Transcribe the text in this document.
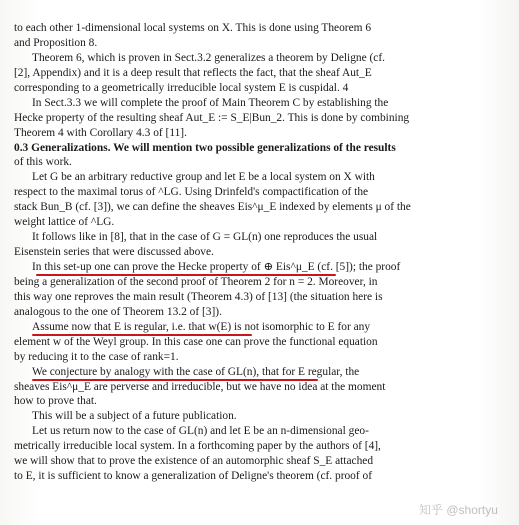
to each other 1-dimensional local systems on X. This is done using Theorem 6
and Proposition 8.
Theorem 6, which is proven in Sect.3.2 generalizes a theorem by Deligne (cf.
[2], Appendix) and it is a deep result that reflects the fact, that the sheaf Aut_E
corresponding to a geometrically irreducible local system E is cuspidal. 4
In Sect.3.3 we will complete the proof of Main Theorem C by establishing the
Hecke property of the resulting sheaf Aut_E := S_E|Bun_2. This is done by combining
Theorem 4 with Corollary 4.3 of [11].
0.3 Generalizations. We will mention two possible generalizations of the results
of this work.
Let G be an arbitrary reductive group and let E be a local system on X with
respect to the maximal torus of ^LG. Using Drinfeld's compactification of the
stack Bun_B (cf. [3]), we can define the sheaves Eis^μ_E indexed by elements μ of the
weight lattice of ^LG.
It follows like in [8], that in the case of G = GL(n) one reproduces the usual
Eisenstein series that were discussed above.
In this set-up one can prove the Hecke property of ⊕ Eis^μ_E (cf. [5]); the proof
being a generalization of the second proof of Theorem 2 for n = 2. Moreover, in
this way one reproves the main result (Theorem 4.3) of [13] (the situation here is
analogous to the one of Theorem 13.2 of [3]).
Assume now that E is regular, i.e. that w(E) is not isomorphic to E for any
element w of the Weyl group. In this case one can prove the functional equation
by reducing it to the case of rank=1.
We conjecture by analogy with the case of GL(n), that for E regular, the
sheaves Eis^μ_E are perverse and irreducible, but we have no idea at the moment
how to prove that.
This will be a subject of a future publication.
Let us return now to the case of GL(n) and let E be an n-dimensional geo-
metrically irreducible local system. In a forthcoming paper by the authors of [4],
we will show that to prove the existence of an automorphic sheaf S_E attached
to E, it is sufficient to know a generalization of Deligne's theorem (cf. proof of
知乎 @shortyu
